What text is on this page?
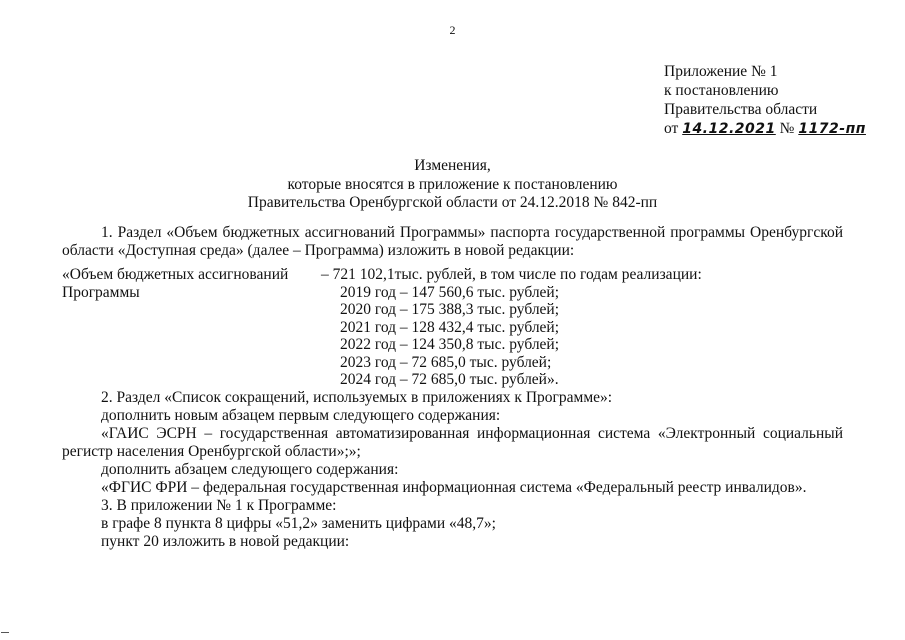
2
Приложение № 1
к постановлению
Правительства области
от 14.12.2021 № 1172-пп
Изменения,
которые вносятся в приложение к постановлению
Правительства Оренбургской области от 24.12.2018 № 842-пп
1. Раздел «Объем бюджетных ассигнований Программы» паспорта государственной программы Оренбургской области «Доступная среда» (далее – Программа) изложить в новой редакции:
«Объем бюджетных ассигнований
Программы
– 721 102,1тыс. рублей, в том числе по годам реализации:
2019 год – 147 560,6 тыс. рублей;
2020 год – 175 388,3 тыс. рублей;
2021 год – 128 432,4 тыс. рублей;
2022 год – 124 350,8 тыс. рублей;
2023 год – 72 685,0 тыс. рублей;
2024 год – 72 685,0 тыс. рублей».
2. Раздел «Список сокращений, используемых в приложениях к Программе»:
дополнить новым абзацем первым следующего содержания:
«ГАИС ЭСРН – государственная автоматизированная информационная система «Электронный социальный регистр населения Оренбургской области»;»;
дополнить абзацем следующего содержания:
«ФГИС ФРИ – федеральная государственная информационная система «Федеральный реестр инвалидов».
3. В приложении № 1 к Программе:
в графе 8 пункта 8 цифры «51,2» заменить цифрами «48,7»;
пункт 20 изложить в новой редакции:
